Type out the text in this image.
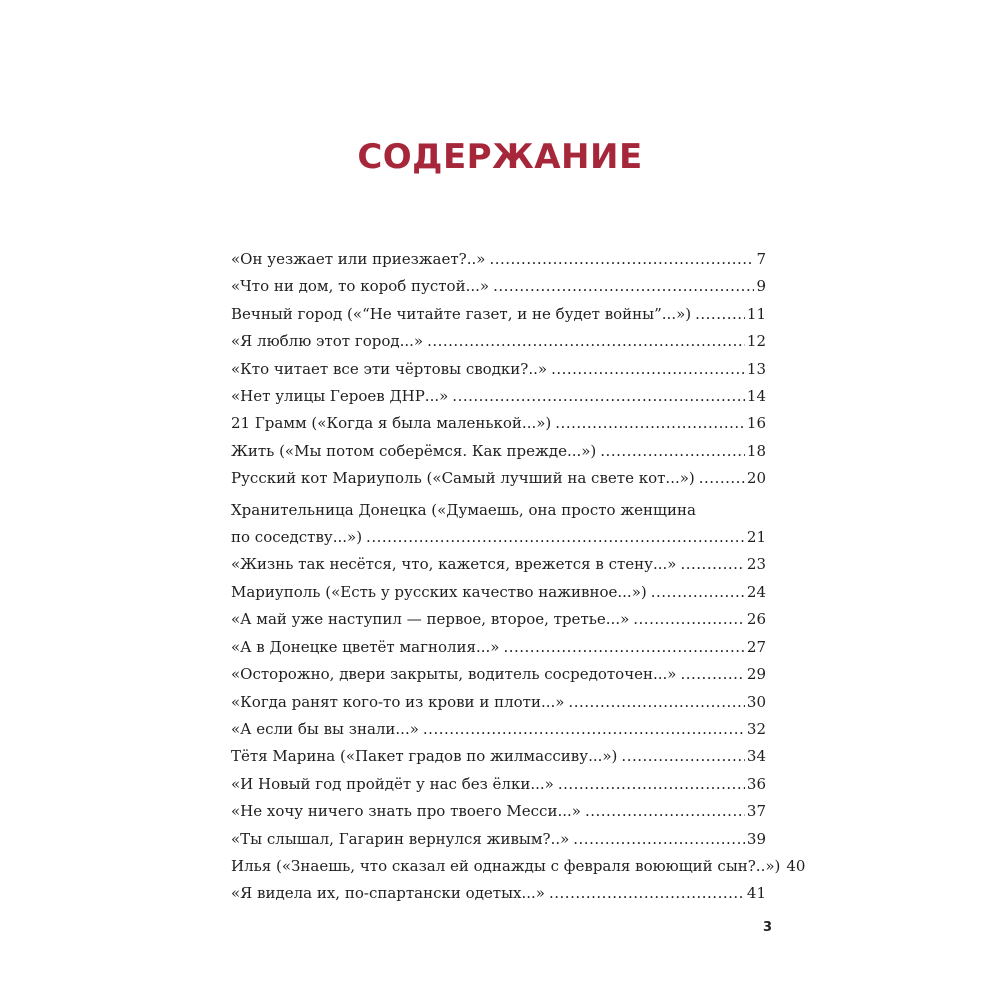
СОДЕРЖАНИЕ
«Он уезжает или приезжает?..» .....	7
«Что ни дом, то короб пустой...» .....	9
Вечный город («“Не читайте газет, и не будет войны”...») .....	11
«Я люблю этот город...» .....	12
«Кто читает все эти чёртовы сводки?..» .....	13
«Нет улицы Героев ДНР...» .....	14
21 Грамм («Когда я была маленькой...») .....	16
Жить («Мы потом соберёмся. Как прежде...») .....	18
Русский кот Мариуполь («Самый лучший на свете кот...») .....	20
Хранительница Донецка («Думаешь, она просто женщина
по соседству...») .....	21
«Жизнь так несётся, что, кажется, врежется в стену...» .....	23
Мариуполь («Есть у русских качество наживное...») .....	24
«А май уже наступил — первое, второе, третье...» .....	26
«А в Донецке цветёт магнолия...» .....	27
«Осторожно, двери закрыты, водитель сосредоточен...» .....	29
«Когда ранят кого-то из крови и плоти...» .....	30
«А если бы вы знали...» .....	32
Тётя Марина («Пакет градов по жилмассиву...») .....	34
«И Новый год пройдёт у нас без ёлки...» .....	36
«Не хочу ничего знать про твоего Месси...» .....	37
«Ты слышал, Гагарин вернулся живым?..» .....	39
Илья («Знаешь, что сказал ей однажды с февраля воюющий сын?..») 40
«Я видела их, по-спартански одетых...» .....	41
3
